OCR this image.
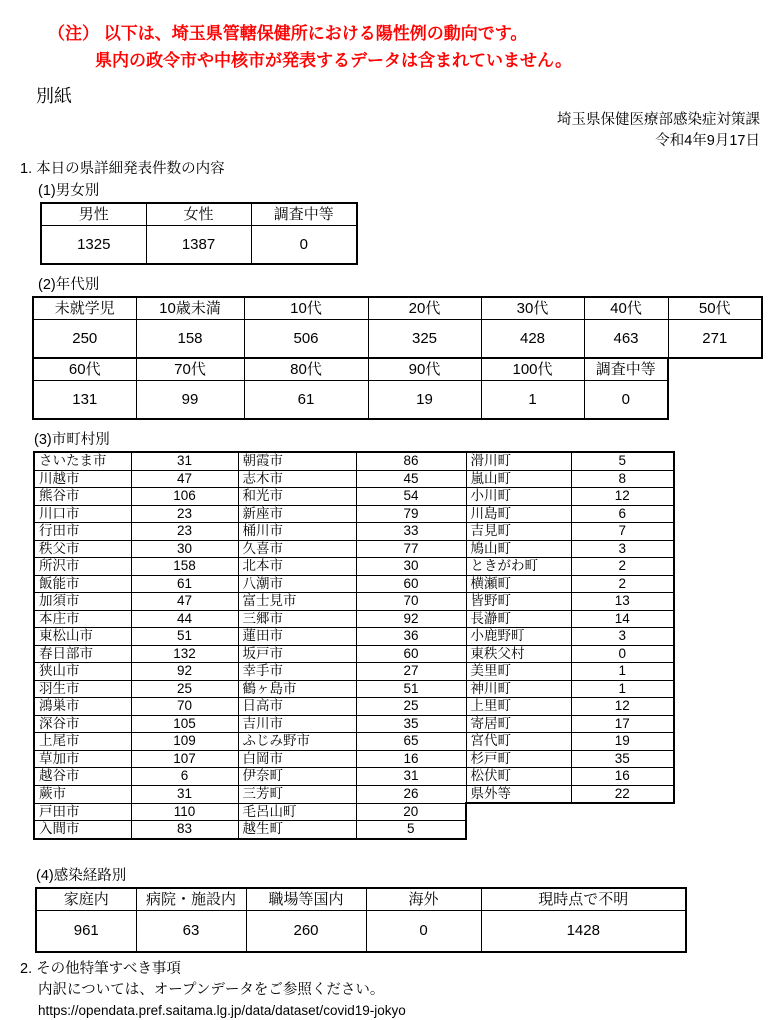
（注） 以下は、埼玉県管轄保健所における陽性例の動向です。
県内の政令市や中核市が発表するデータは含まれていません。
別紙
埼玉県保健医療部感染症対策課
令和4年9月17日
1. 本日の県詳細発表件数の内容
(1)男女別
男性	女性	調査中等
1325	1387	0
(2)年代別
未就学児	10歳未満	10代	20代	30代	40代	50代
250	158	506	325	428	463	271
60代	70代	80代	90代	100代	調査中等
131	99	61	19	1	0
(3)市町村別
さいたま市	31	朝霞市	86	滑川町	5
川越市	47	志木市	45	嵐山町	8
熊谷市	106	和光市	54	小川町	12
川口市	23	新座市	79	川島町	6
行田市	23	桶川市	33	吉見町	7
秩父市	30	久喜市	77	鳩山町	3
所沢市	158	北本市	30	ときがわ町	2
飯能市	61	八潮市	60	横瀬町	2
加須市	47	富士見市	70	皆野町	13
本庄市	44	三郷市	92	長瀞町	14
東松山市	51	蓮田市	36	小鹿野町	3
春日部市	132	坂戸市	60	東秩父村	0
狭山市	92	幸手市	27	美里町	1
羽生市	25	鶴ヶ島市	51	神川町	1
鴻巣市	70	日高市	25	上里町	12
深谷市	105	吉川市	35	寄居町	17
上尾市	109	ふじみ野市	65	宮代町	19
草加市	107	白岡市	16	杉戸町	35
越谷市	6	伊奈町	31	松伏町	16
蕨市	31	三芳町	26	県外等	22
戸田市	110	毛呂山町	20		
入間市	83	越生町	5		
(4)感染経路別
家庭内	病院・施設内	職場等国内	海外	現時点で不明
961	63	260	0	1428
2. その他特筆すべき事項
内訳については、オープンデータをご参照ください。
https://opendata.pref.saitama.lg.jp/data/dataset/covid19-jokyo
